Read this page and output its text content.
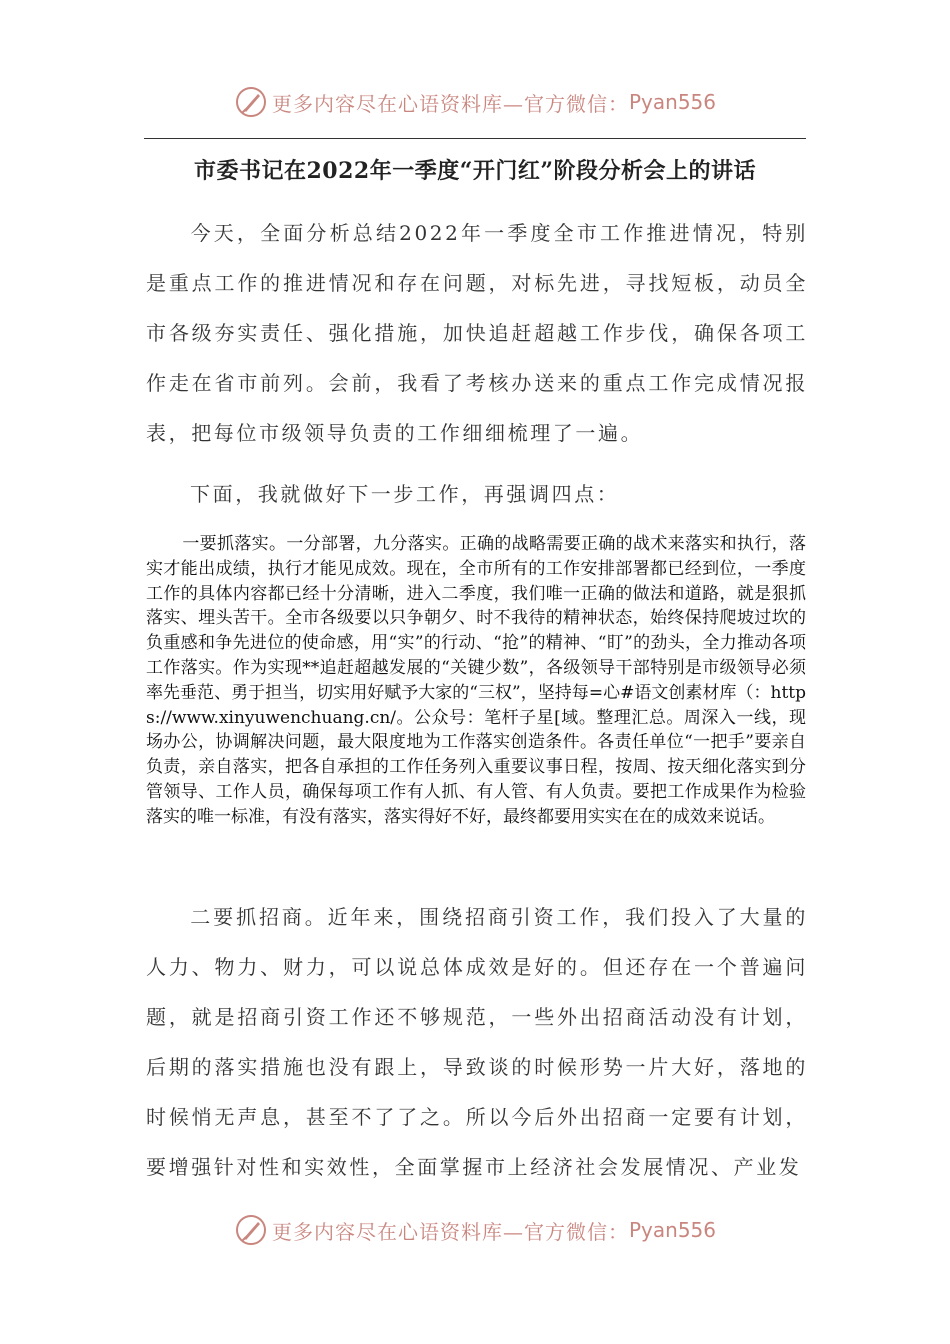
更多内容尽在心语资料库—官方微信： Pyan556
市委书记在2022年一季度“开门红”阶段分析会上的讲话

今天，全面分析总结2022年一季度全市工作推进情况，特别是重点工作的推进情况和存在问题，对标先进，寻找短板，动员全市各级夯实责任、强化措施，加快追赶超越工作步伐，确保各项工作走在省市前列。会前，我看了考核办送来的重点工作完成情况报表，把每位市级领导负责的工作细细梳理了一遍。

下面，我就做好下一步工作，再强调四点：

一要抓落实。一分部署，九分落实。正确的战略需要正确的战术来落实和执行，落实才能出成绩，执行才能见成效。现在，全市所有的工作安排部署都已经到位，一季度工作的具体内容都已经十分清晰，进入二季度，我们唯一正确的做法和道路，就是狠抓落实、埋头苦干。全市各级要以只争朝夕、时不我待的精神状态，始终保持爬坡过坎的负重感和争先进位的使命感，用“实”的行动、“抢”的精神、“盯”的劲头，全力推动各项工作落实。作为实现**追赶超越发展的“关键少数”，各级领导干部特别是市级领导必须率先垂范、勇于担当，切实用好赋予大家的“三权”，坚持每=心#语文创素材库（：https://www.xinyuwenchuang.cn/。公众号：笔杆子星[域。整理汇总。周深入一线，现场办公，协调解决问题，最大限度地为工作落实创造条件。各责任单位“一把手”要亲自负责，亲自落实，把各自承担的工作任务列入重要议事日程，按周、按天细化落实到分管领导、工作人员，确保每项工作有人抓、有人管、有人负责。要把工作成果作为检验落实的唯一标准，有没有落实，落实得好不好，最终都要用实实在在的成效来说话。

二要抓招商。近年来，围绕招商引资工作，我们投入了大量的人力、物力、财力，可以说总体成效是好的。但还存在一个普遍问题，就是招商引资工作还不够规范，一些外出招商活动没有计划，后期的落实措施也没有跟上，导致谈的时候形势一片大好，落地的时候悄无声息，甚至不了了之。所以今后外出招商一定要有计划，要增强针对性和实效性，全面掌握市上经济社会发展情况、产业发

更多内容尽在心语资料库—官方微信： Pyan556
